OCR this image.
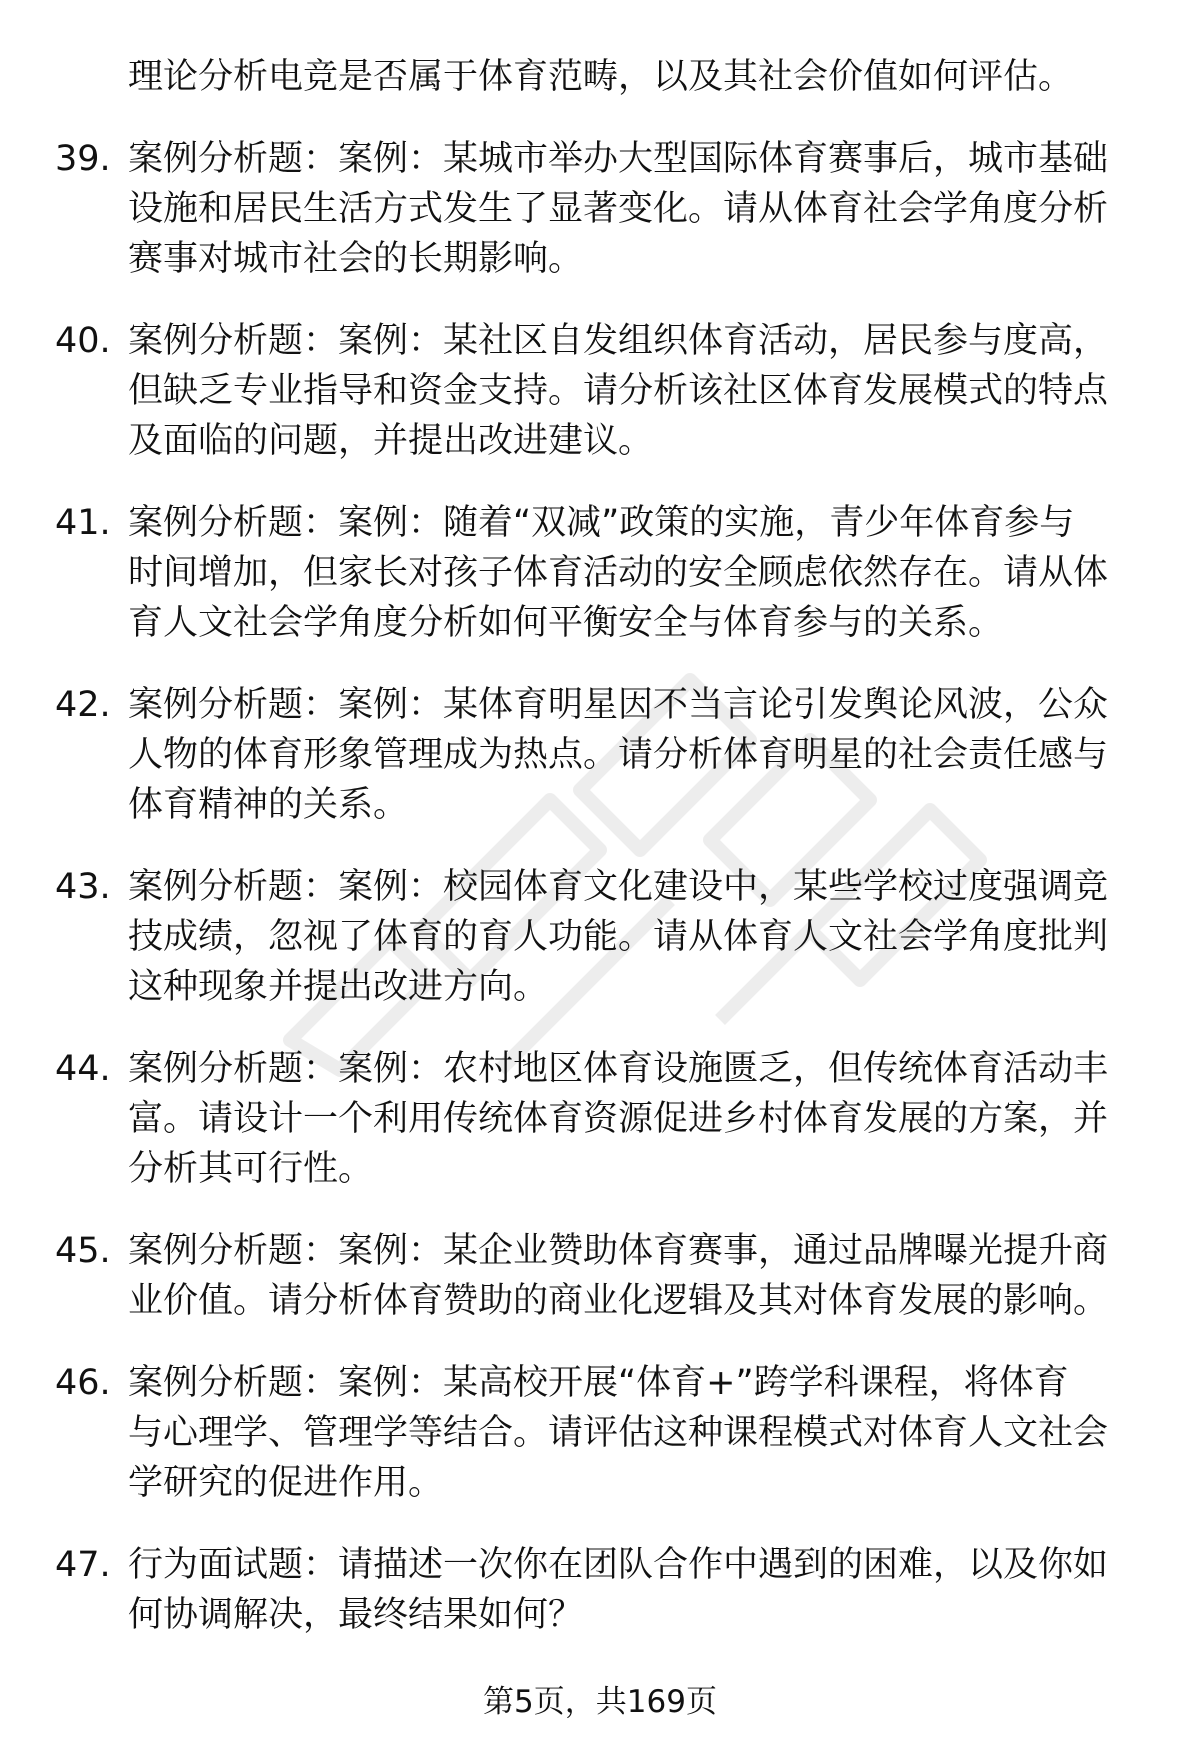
理论分析电竞是否属于体育范畴，以及其社会价值如何评估。
39. 案例分析题：案例：某城市举办大型国际体育赛事后，城市基础
设施和居民生活方式发生了显著变化。请从体育社会学角度分析
赛事对城市社会的长期影响。
40. 案例分析题：案例：某社区自发组织体育活动，居民参与度高，
但缺乏专业指导和资金支持。请分析该社区体育发展模式的特点
及面临的问题，并提出改进建议。
41. 案例分析题：案例：随着“双减”政策的实施，青少年体育参与
时间增加，但家长对孩子体育活动的安全顾虑依然存在。请从体
育人文社会学角度分析如何平衡安全与体育参与的关系。
42. 案例分析题：案例：某体育明星因不当言论引发舆论风波，公众
人物的体育形象管理成为热点。请分析体育明星的社会责任感与
体育精神的关系。
43. 案例分析题：案例：校园体育文化建设中，某些学校过度强调竞
技成绩，忽视了体育的育人功能。请从体育人文社会学角度批判
这种现象并提出改进方向。
44. 案例分析题：案例：农村地区体育设施匮乏，但传统体育活动丰
富。请设计一个利用传统体育资源促进乡村体育发展的方案，并
分析其可行性。
45. 案例分析题：案例：某企业赞助体育赛事，通过品牌曝光提升商
业价值。请分析体育赞助的商业化逻辑及其对体育发展的影响。
46. 案例分析题：案例：某高校开展“体育+”跨学科课程，将体育
与心理学、管理学等结合。请评估这种课程模式对体育人文社会
学研究的促进作用。
47. 行为面试题：请描述一次你在团队合作中遇到的困难，以及你如
何协调解决，最终结果如何？
第5页，共169页
